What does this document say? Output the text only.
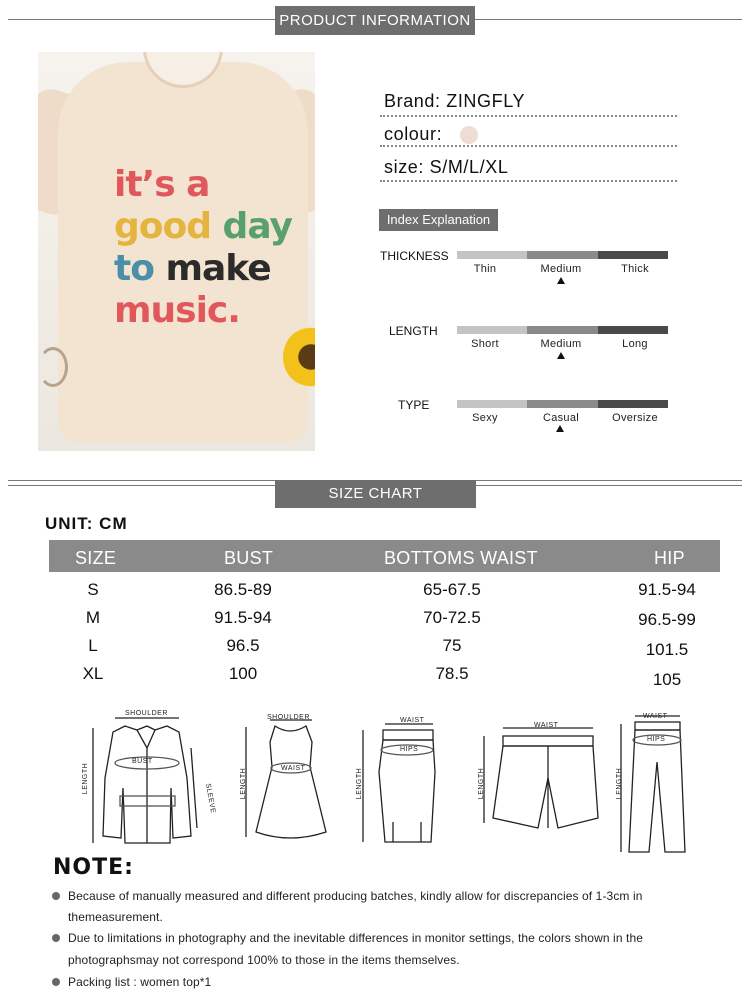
PRODUCT INFORMATION
it’s a
good day
to make
music.
Brand: ZINGFLY
colour:
size: S/M/L/XL
Index Explanation
THICKNESS
Thin	Medium	Thick
LENGTH
Short	Medium	Long
TYPE
Sexy	Casual	Oversize
SIZE CHART
UNIT: CM
SIZE	BUST	BOTTOMS WAIST	HIP
S	86.5-89	65-67.5	91.5-94
M	91.5-94	70-72.5	96.5-99
L	96.5	75	101.5
XL	100	78.5	105
SHOULDER
BUST
SLEEVE
LENGTH
SHOULDER
WAIST
LENGTH
WAIST
HIPS
LENGTH
WAIST
LENGTH
WAIST
HIPS
LENGTH
NOTE:
Because of manually measured and different producing batches, kindly allow for discrepancies of 1-3cm in
themeasurement.
Due to limitations in photography and the inevitable differences in monitor settings, the colors shown in the
photographsmay not correspond 100% to those in the items themselves.
Packing list : women top*1
